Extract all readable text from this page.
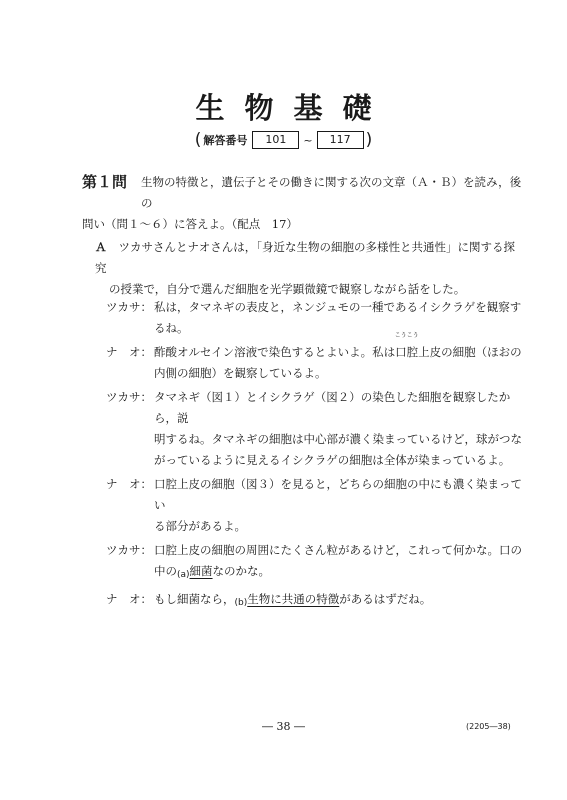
生物基礎
( 解答番号	101	~	117 )
第１問	生物の特徴と，遺伝子とその働きに関する次の文章（Ａ・Ｂ）を読み，後の
問い（問１～６）に答えよ。（配点　17）
Ａ ツカサさんとナオさんは，「身近な生物の細胞の多様性と共通性」に関する探究
の授業で，自分で選んだ細胞を光学顕微鏡で観察しながら話をした。
ツカサ： 私は，タマネギの表皮と，ネンジュモの一種であるイシクラゲを観察す
るね。
ナ　オ： 酢酸オルセイン溶液で染色するとよいよ。私は
こうこう
口腔上皮の細胞（ほおの
内側の細胞）を観察しているよ。
ツカサ： タマネギ（図１）とイシクラゲ（図２）の染色した細胞を観察したから，説
明するね。タマネギの細胞は中心部が濃く染まっているけど，球がつな
がっているように見えるイシクラゲの細胞は全体が染まっているよ。
ナ　オ： 口腔上皮の細胞（図３）を見ると，どちらの細胞の中にも濃く染まってい
る部分があるよ。
ツカサ： 口腔上皮の細胞の周囲にたくさん粒があるけど，これって何かな。口の
中の(a)細菌なのかな。
ナ　オ： もし細菌なら，(b)生物に共通の特徴があるはずだね。
― 38 ―	(2205―38)
